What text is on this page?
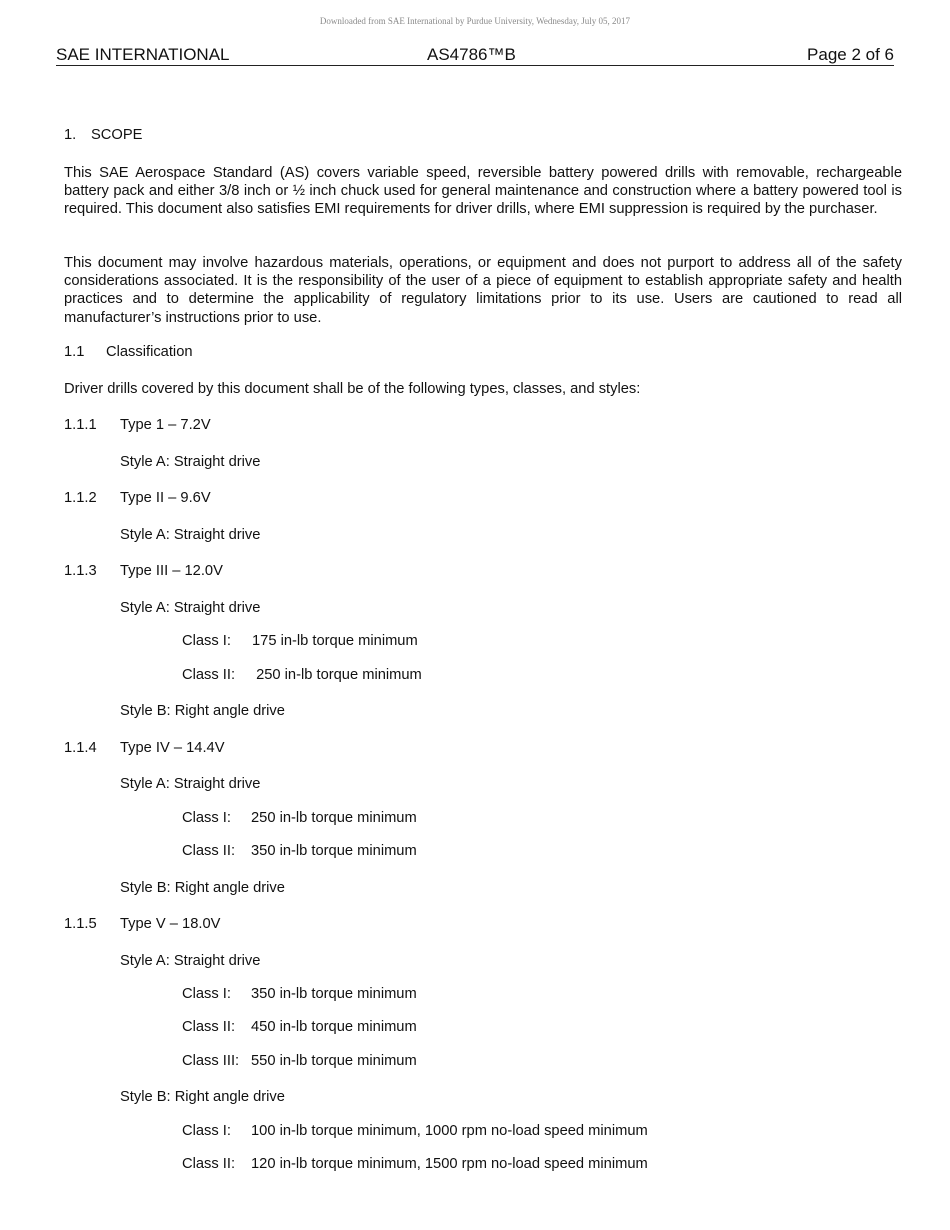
Downloaded from SAE International by Purdue University, Wednesday, July 05, 2017
SAE INTERNATIONAL	AS4786™B	Page 2 of 6
1. SCOPE
This SAE Aerospace Standard (AS) covers variable speed, reversible battery powered drills with removable, rechargeable battery pack and either 3/8 inch or ½ inch chuck used for general maintenance and construction where a battery powered tool is required. This document also satisfies EMI requirements for driver drills, where EMI suppression is required by the purchaser.
This document may involve hazardous materials, operations, or equipment and does not purport to address all of the safety considerations associated. It is the responsibility of the user of a piece of equipment to establish appropriate safety and health practices and to determine the applicability of regulatory limitations prior to its use. Users are cautioned to read all manufacturer’s instructions prior to use.
1.1 Classification
Driver drills covered by this document shall be of the following types, classes, and styles:
1.1.1 Type 1 – 7.2V
Style A: Straight drive
1.1.2 Type II – 9.6V
Style A: Straight drive
1.1.3 Type III – 12.0V
Style A: Straight drive
Class I: 175 in-lb torque minimum
Class II: 250 in-lb torque minimum
Style B: Right angle drive
1.1.4 Type IV – 14.4V
Style A: Straight drive
Class I: 250 in-lb torque minimum
Class II: 350 in-lb torque minimum
Style B: Right angle drive
1.1.5 Type V – 18.0V
Style A: Straight drive
Class I: 350 in-lb torque minimum
Class II: 450 in-lb torque minimum
Class III: 550 in-lb torque minimum
Style B: Right angle drive
Class I: 100 in-lb torque minimum, 1000 rpm no-load speed minimum
Class II: 120 in-lb torque minimum, 1500 rpm no-load speed minimum
